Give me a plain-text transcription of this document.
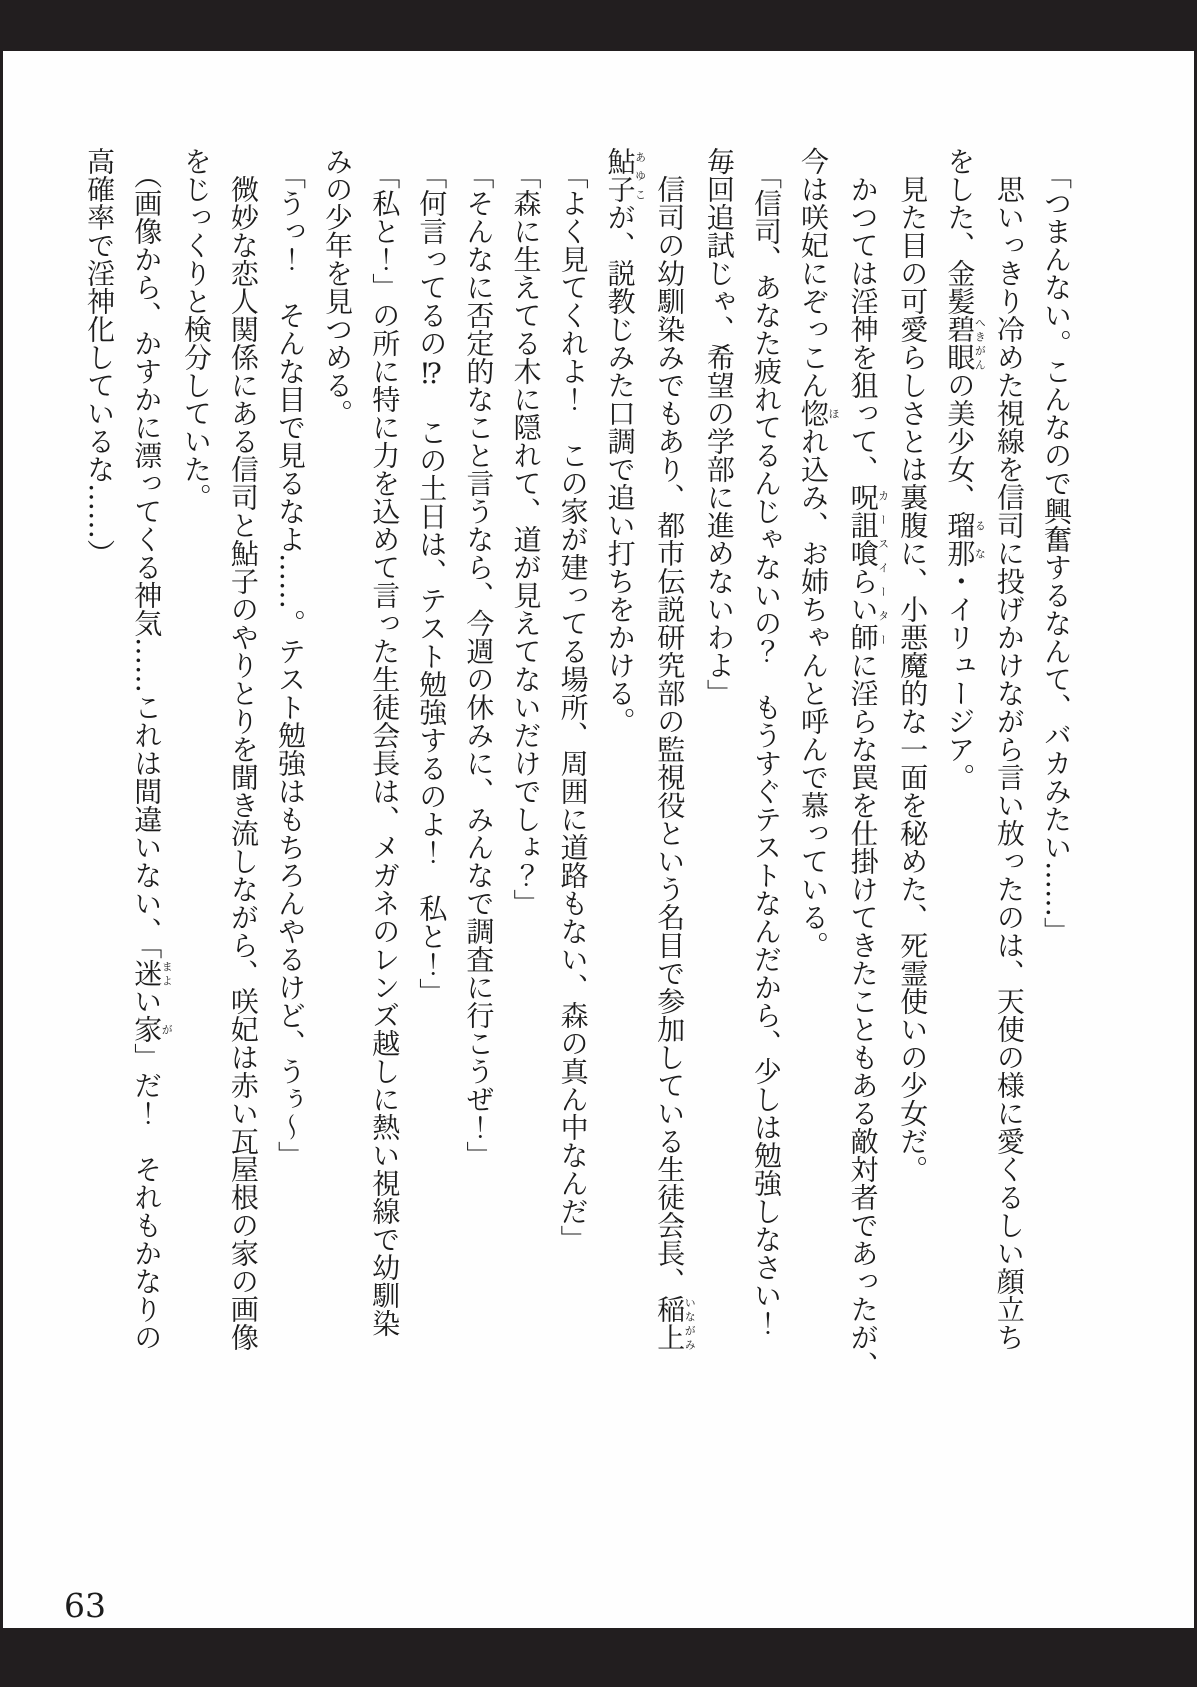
「つまんない。こんなので興奮するなんて、バカみたい……」
思いっきり冷めた視線を信司に投げかけながら言い放ったのは、天使の様に愛くるしい顔立ち
をした、金髪碧眼へきがんの美少女、瑠那るな・イリュージア。
見た目の可愛らしさとは裏腹に、小悪魔的な一面を秘めた、死霊使いの少女だ。
かつては淫神を狙って、呪詛喰らい師カースイーターに淫らな罠を仕掛けてきたこともある敵対者であったが、
今は咲妃にぞっこん惚ほれ込み、お姉ちゃんと呼んで慕っている。
「信司、あなた疲れてるんじゃないの？　もうすぐテストなんだから、少しは勉強しなさい！
毎回追試じゃ、希望の学部に進めないわよ」
信司の幼馴染みでもあり、都市伝説研究部の監視役という名目で参加している生徒会長、稲上いながみ
鮎子あゆこが、説教じみた口調で追い打ちをかける。
「よく見てくれよ！　この家が建ってる場所、周囲に道路もない、森の真ん中なんだ」
「森に生えてる木に隠れて、道が見えてないだけでしょ？」
「そんなに否定的なこと言うなら、今週の休みに、みんなで調査に行こうぜ！」
「何言ってるの⁉　この土日は、テスト勉強するのよ！　私と！」
「私と！」の所に特に力を込めて言った生徒会長は、メガネのレンズ越しに熱い視線で幼馴染
みの少年を見つめる。
「うっ！　そんな目で見るなよ……。テスト勉強はもちろんやるけど、うぅ〜」
微妙な恋人関係にある信司と鮎子のやりとりを聞き流しながら、咲妃は赤い瓦屋根の家の画像
をじっくりと検分していた。
（画像から、かすかに漂ってくる神気……これは間違いない、「迷まよい家が」だ！　それもかなりの
高確率で淫神化しているな……）
63
